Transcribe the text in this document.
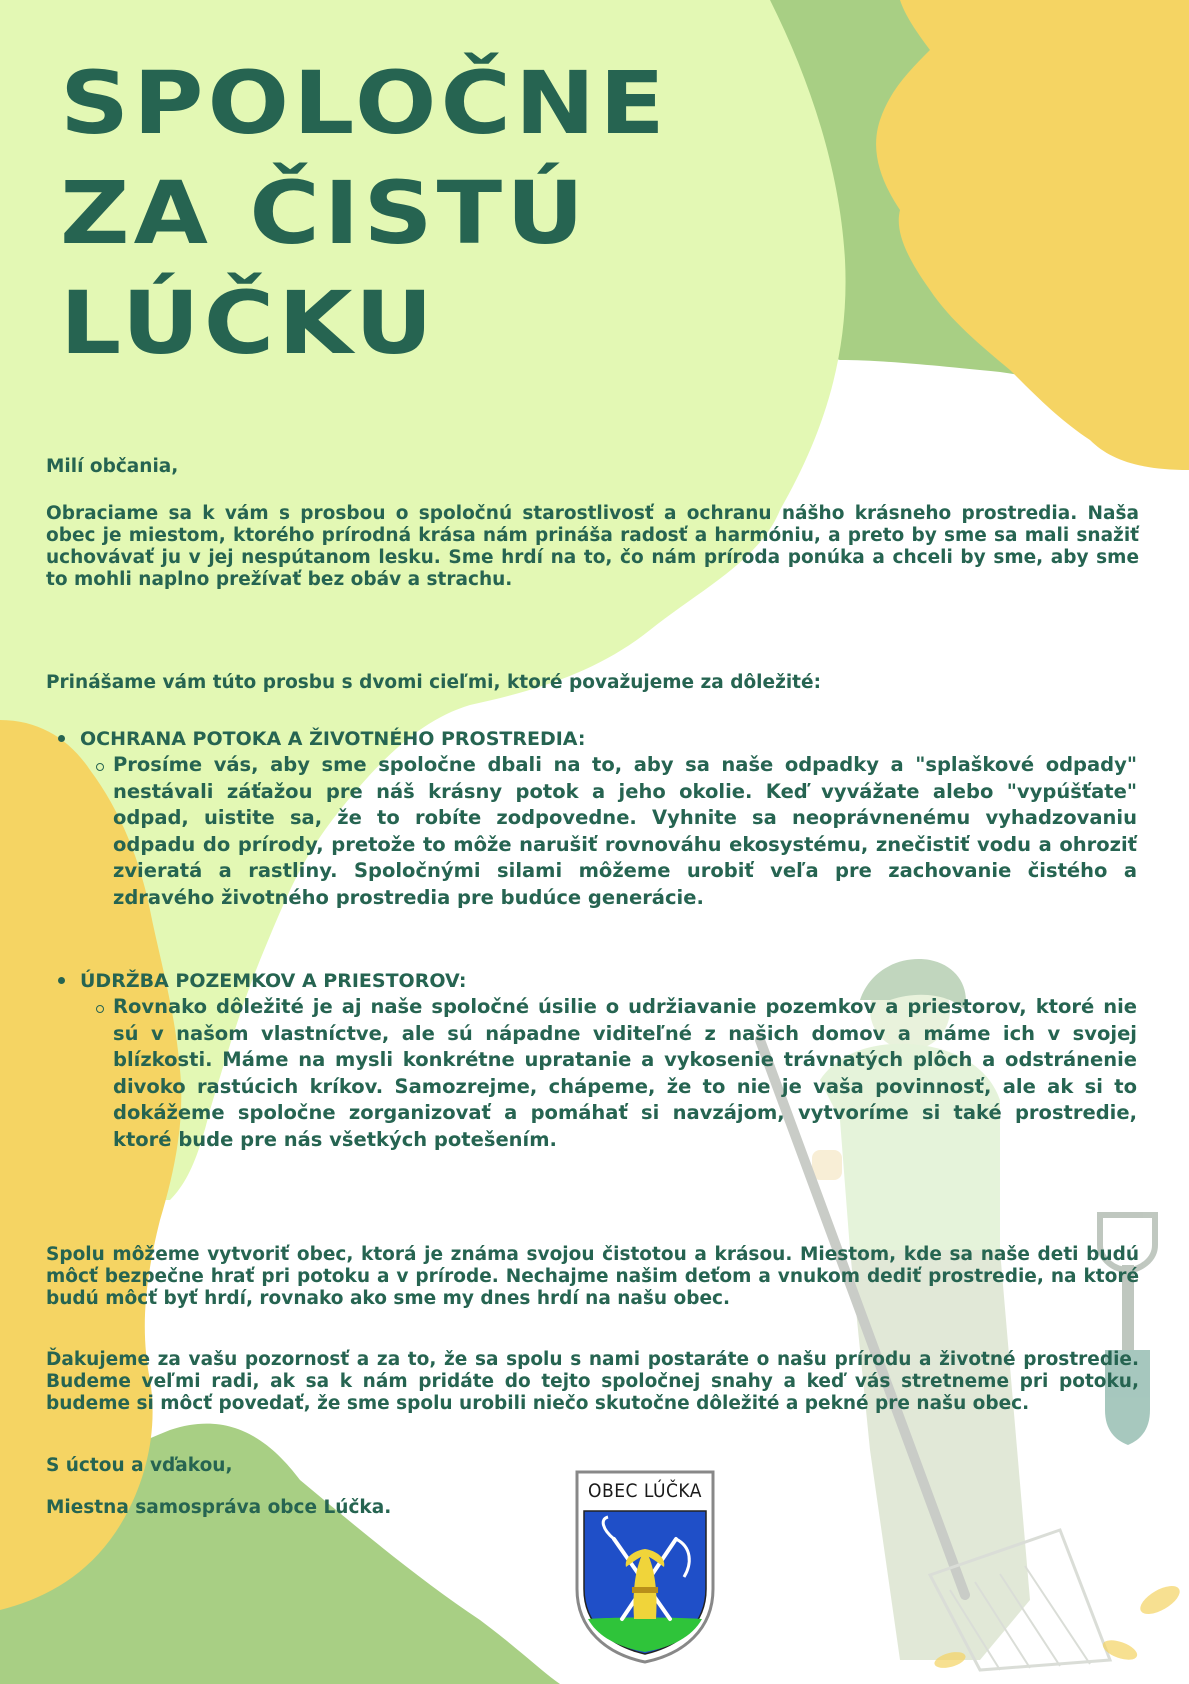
SPOLOČNE
ZA ČISTÚ
LÚČKU

Milí občania,

Obraciame sa k vám s prosbou o spoločnú starostlivosť a ochranu nášho krásneho prostredia. Naša obec je miestom, ktorého prírodná krása nám prináša radosť a harmóniu, a preto by sme sa mali snažiť uchovávať ju v jej nespútanom lesku. Sme hrdí na to, čo nám príroda ponúka a chceli by sme, aby sme to mohli naplno prežívať bez obáv a strachu.

Prinášame vám túto prosbu s dvomi cieľmi, ktoré považujeme za dôležité:

OCHRANA POTOKA A ŽIVOTNÉHO PROSTREDIA:

Prosíme vás, aby sme spoločne dbali na to, aby sa naše odpadky a "splaškové odpady" nestávali záťažou pre náš krásny potok a jeho okolie. Keď vyvážate alebo "vypúšťate" odpad, uistite sa, že to robíte zodpovedne. Vyhnite sa neoprávnenému vyhadzovaniu odpadu do prírody, pretože to môže narušiť rovnováhu ekosystému, znečistiť vodu a ohroziť zvieratá a rastliny. Spoločnými silami môžeme urobiť veľa pre zachovanie čistého a zdravého životného prostredia pre budúce generácie.

ÚDRŽBA POZEMKOV A PRIESTOROV:

Rovnako dôležité je aj naše spoločné úsilie o udržiavanie pozemkov a priestorov, ktoré nie sú v našom vlastníctve, ale sú nápadne viditeľné z našich domov a máme ich v svojej blízkosti. Máme na mysli konkrétne upratanie a vykosenie trávnatých plôch a odstránenie divoko rastúcich kríkov. Samozrejme, chápeme, že to nie je vaša povinnosť, ale ak si to dokážeme spoločne zorganizovať a pomáhať si navzájom, vytvoríme si také prostredie, ktoré bude pre nás všetkých potešením.

Spolu môžeme vytvoriť obec, ktorá je známa svojou čistotou a krásou. Miestom, kde sa naše deti budú môcť bezpečne hrať pri potoku a v prírode. Nechajme našim deťom a vnukom dediť prostredie, na ktoré budú môcť byť hrdí, rovnako ako sme my dnes hrdí na našu obec.

Ďakujeme za vašu pozornosť a za to, že sa spolu s nami postaráte o našu prírodu a životné prostredie. Budeme veľmi radi, ak sa k nám pridáte do tejto spoločnej snahy a keď vás stretneme pri potoku, budeme si môcť povedať, že sme spolu urobili niečo skutočne dôležité a pekné pre našu obec.

S úctou a vďakou,

Miestna samospráva obce Lúčka.

OBEC LÚČKA
